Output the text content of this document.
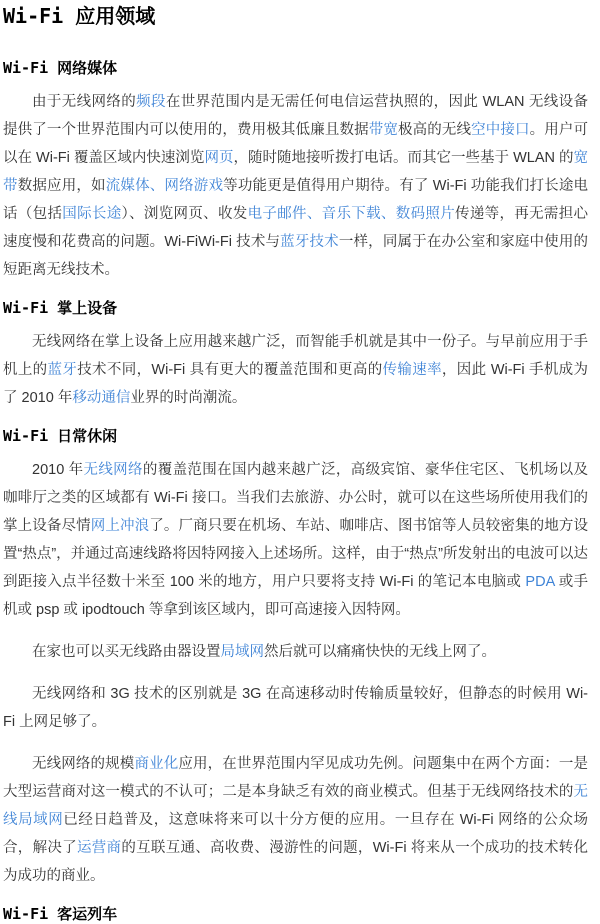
Wi-Fi 应用领域
Wi-Fi 网络媒体

由于无线网络的频段在世界范围内是无需任何电信运营执照的，因此 WLAN 无线设备提供了一个世界范围内可以使用的，费用极其低廉且数据带宽极高的无线空中接口。用户可以在 Wi-Fi 覆盖区域内快速浏览网页，随时随地接听拨打电话。而其它一些基于 WLAN 的宽带数据应用，如流媒体、网络游戏等功能更是值得用户期待。有了 Wi-Fi 功能我们打长途电话（包括国际长途）、浏览网页、收发电子邮件、音乐下载、数码照片传递等，再无需担心速度慢和花费高的问题。Wi-FiWi-Fi 技术与蓝牙技术一样，同属于在办公室和家庭中使用的短距离无线技术。

Wi-Fi 掌上设备

无线网络在掌上设备上应用越来越广泛，而智能手机就是其中一份子。与早前应用于手机上的蓝牙技术不同，Wi-Fi 具有更大的覆盖范围和更高的传输速率，因此 Wi-Fi 手机成为了 2010 年移动通信业界的时尚潮流。

Wi-Fi 日常休闲

2010 年无线网络的覆盖范围在国内越来越广泛，高级宾馆、豪华住宅区、飞机场以及咖啡厅之类的区域都有 Wi-Fi 接口。当我们去旅游、办公时，就可以在这些场所使用我们的掌上设备尽情网上冲浪了。厂商只要在机场、车站、咖啡店、图书馆等人员较密集的地方设置“热点”，并通过高速线路将因特网接入上述场所。这样，由于“热点”所发射出的电波可以达到距接入点半径数十米至 100 米的地方，用户只要将支持 Wi-Fi 的笔记本电脑或 PDA 或手机或 psp 或 ipodtouch 等拿到该区域内，即可高速接入因特网。

在家也可以买无线路由器设置局域网然后就可以痛痛快快的无线上网了。

无线网络和 3G 技术的区别就是 3G 在高速移动时传输质量较好，但静态的时候用 Wi-Fi 上网足够了。

无线网络的规模商业化应用，在世界范围内罕见成功先例。问题集中在两个方面：一是大型运营商对这一模式的不认可；二是本身缺乏有效的商业模式。但基于无线网络技术的无线局域网已经日趋普及，这意味将来可以十分方便的应用。一旦存在 Wi-Fi 网络的公众场合，解决了运营商的互联互通、高收费、漫游性的问题，Wi-Fi 将来从一个成功的技术转化为成功的商业。

Wi-Fi 客运列车
